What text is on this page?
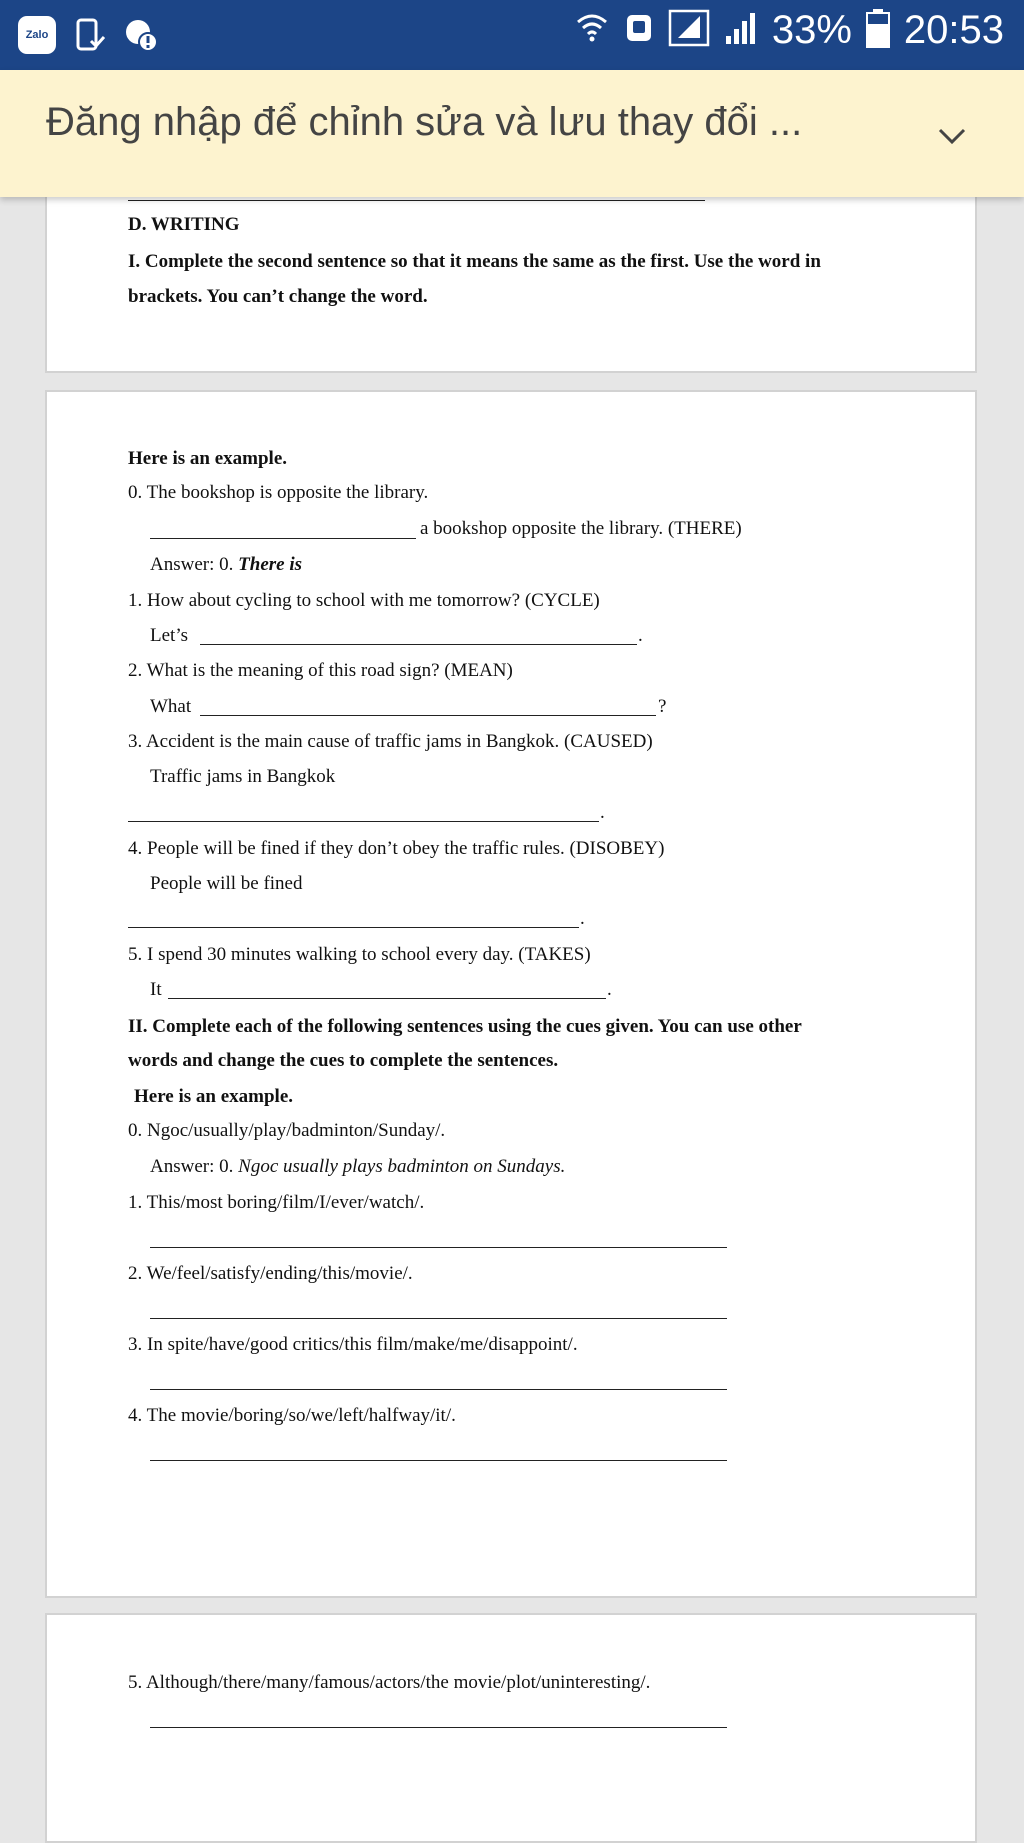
Zalo	33% 20:53
Đăng nhập để chỉnh sửa và lưu thay đổi ...
D. WRITING
I. Complete the second sentence so that it means the same as the first. Use the word in
brackets. You can’t change the word.
Here is an example.
0. The bookshop is opposite the library.
a bookshop opposite the library. (THERE)
Answer: 0. There is
1. How about cycling to school with me tomorrow? (CYCLE)
Let’s	.
2. What is the meaning of this road sign? (MEAN)
What	?
3. Accident is the main cause of traffic jams in Bangkok. (CAUSED)
Traffic jams in Bangkok
.
4. People will be fined if they don’t obey the traffic rules. (DISOBEY)
People will be fined
.
5. I spend 30 minutes walking to school every day. (TAKES)
It	.
II. Complete each of the following sentences using the cues given. You can use other
words and change the cues to complete the sentences.
Here is an example.
0. Ngoc/usually/play/badminton/Sunday/.
Answer: 0. Ngoc usually plays badminton on Sundays.
1. This/most boring/film/I/ever/watch/.
2. We/feel/satisfy/ending/this/movie/.
3. In spite/have/good critics/this film/make/me/disappoint/.
4. The movie/boring/so/we/left/halfway/it/.
5. Although/there/many/famous/actors/the movie/plot/uninteresting/.
